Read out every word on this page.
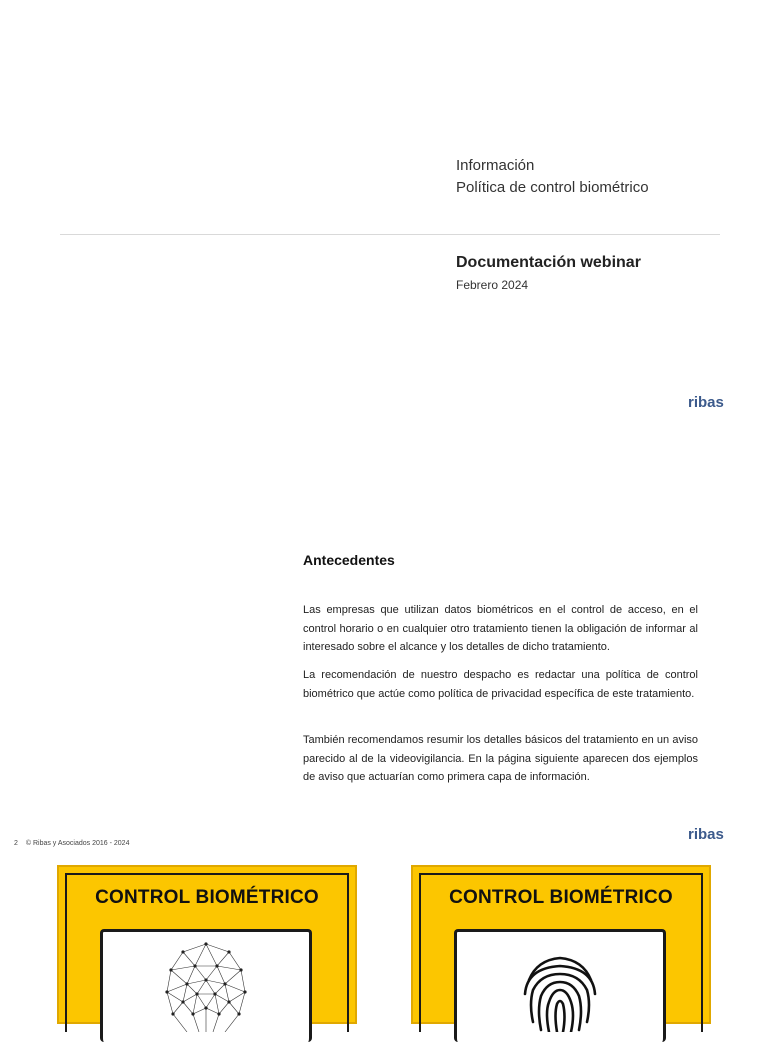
Información
Política de control biométrico
Documentación webinar
Febrero 2024
ribas
Antecedentes

Las empresas que utilizan datos biométricos en el control de acceso, en el control horario o en cualquier otro tratamiento tienen la obligación de informar al interesado sobre el alcance y los detalles de dicho tratamiento.

La recomendación de nuestro despacho es redactar una política de control biométrico que actúe como política de privacidad específica de este tratamiento.

También recomendamos resumir los detalles básicos del tratamiento en un aviso parecido al de la videovigilancia. En la página siguiente aparecen dos ejemplos de aviso que actuarían como primera capa de información.

ribas
2 © Ribas y Asociados 2016 - 2024
CONTROL BIOMÉTRICO	CONTROL BIOMÉTRICO
